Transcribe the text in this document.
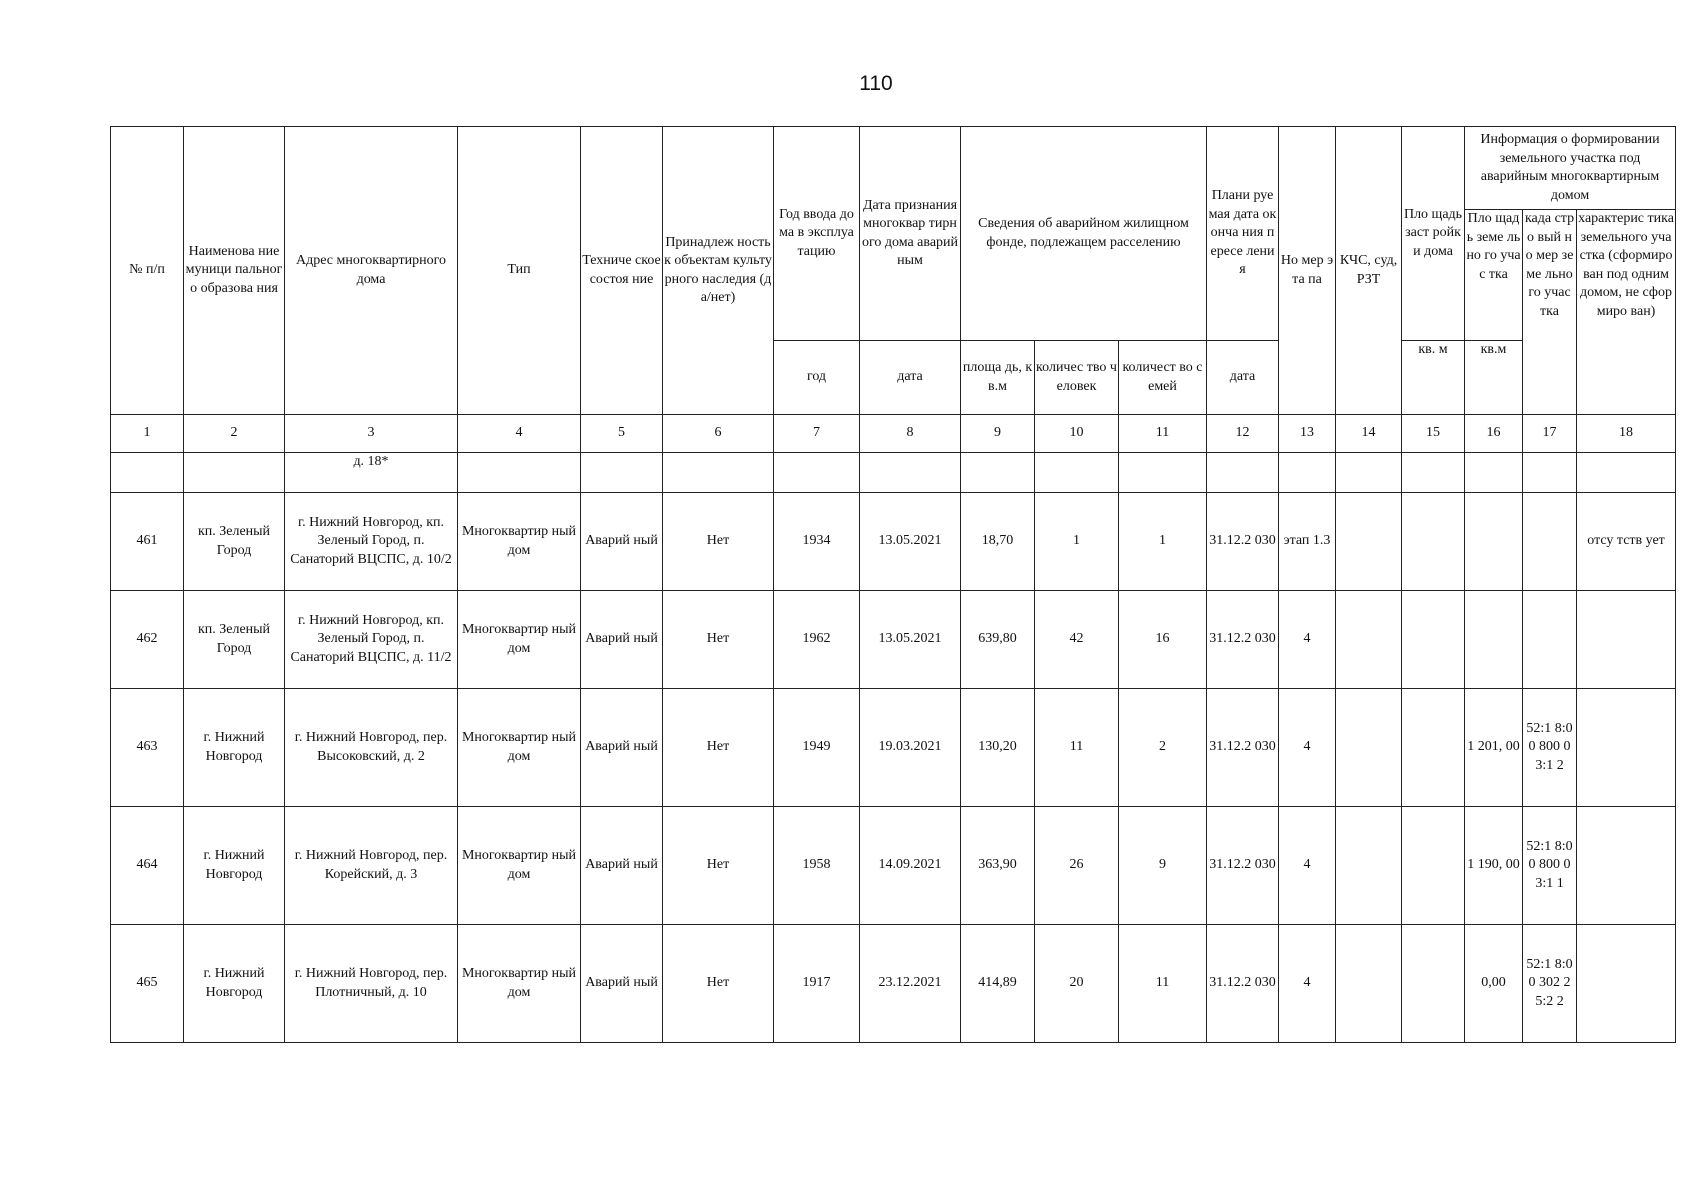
110
№ п/п	Наименова ние муници пального образова ния	Адрес многоквартирного дома	Тип	Техниче ское состоя ние	Принадлеж ность к объектам культурного наследия (да/нет)	Год ввода дома в эксплуа тацию	Дата признания многоквар тирного дома аварийным	Сведения об аварийном жилищном фонде, подлежащем расселению			Плани руемая дата оконча ния пересе ления	Но мер эта па	КЧС, суд, РЗТ	Пло щадь заст ройки дома	Информация о формировании земельного участка под аварийным многоквартирным домом		
															Пло щадь земе льно го учас тка	када стро вый но мер земе льно го учас тка	характерис тика земельного участка (сформиро ван под одним домом, не сформиро ван)
						год	дата	площа дь, кв.м	количес тво человек	количест во семей	дата			кв. м	кв.м		
1	2	3	4	5	6	7	8	9	10	11	12	13	14	15	16	17	18
		д. 18*															
461	кп. Зеленый Город	г. Нижний Новгород, кп. Зеленый Город, п. Санаторий ВЦСПС, д. 10/2	Многоквартир ный дом	Аварий ный	Нет	1934	13.05.2021	18,70	1	1	31.12.2 030	этап 1.3					отсу тств ует
462	кп. Зеленый Город	г. Нижний Новгород, кп. Зеленый Город, п. Санаторий ВЦСПС, д. 11/2	Многоквартир ный дом	Аварий ный	Нет	1962	13.05.2021	639,80	42	16	31.12.2 030	4					
463	г. Нижний Новгород	г. Нижний Новгород, пер. Высоковский, д. 2	Многоквартир ный дом	Аварий ный	Нет	1949	19.03.2021	130,20	11	2	31.12.2 030	4			1 201, 00	52:1 8:00 800 03:1 2	
464	г. Нижний Новгород	г. Нижний Новгород, пер. Корейский, д. 3	Многоквартир ный дом	Аварий ный	Нет	1958	14.09.2021	363,90	26	9	31.12.2 030	4			1 190, 00	52:1 8:00 800 03:1 1	
465	г. Нижний Новгород	г. Нижний Новгород, пер. Плотничный, д. 10	Многоквартир ный дом	Аварий ный	Нет	1917	23.12.2021	414,89	20	11	31.12.2 030	4			0,00	52:1 8:00 302 25:2 2	
